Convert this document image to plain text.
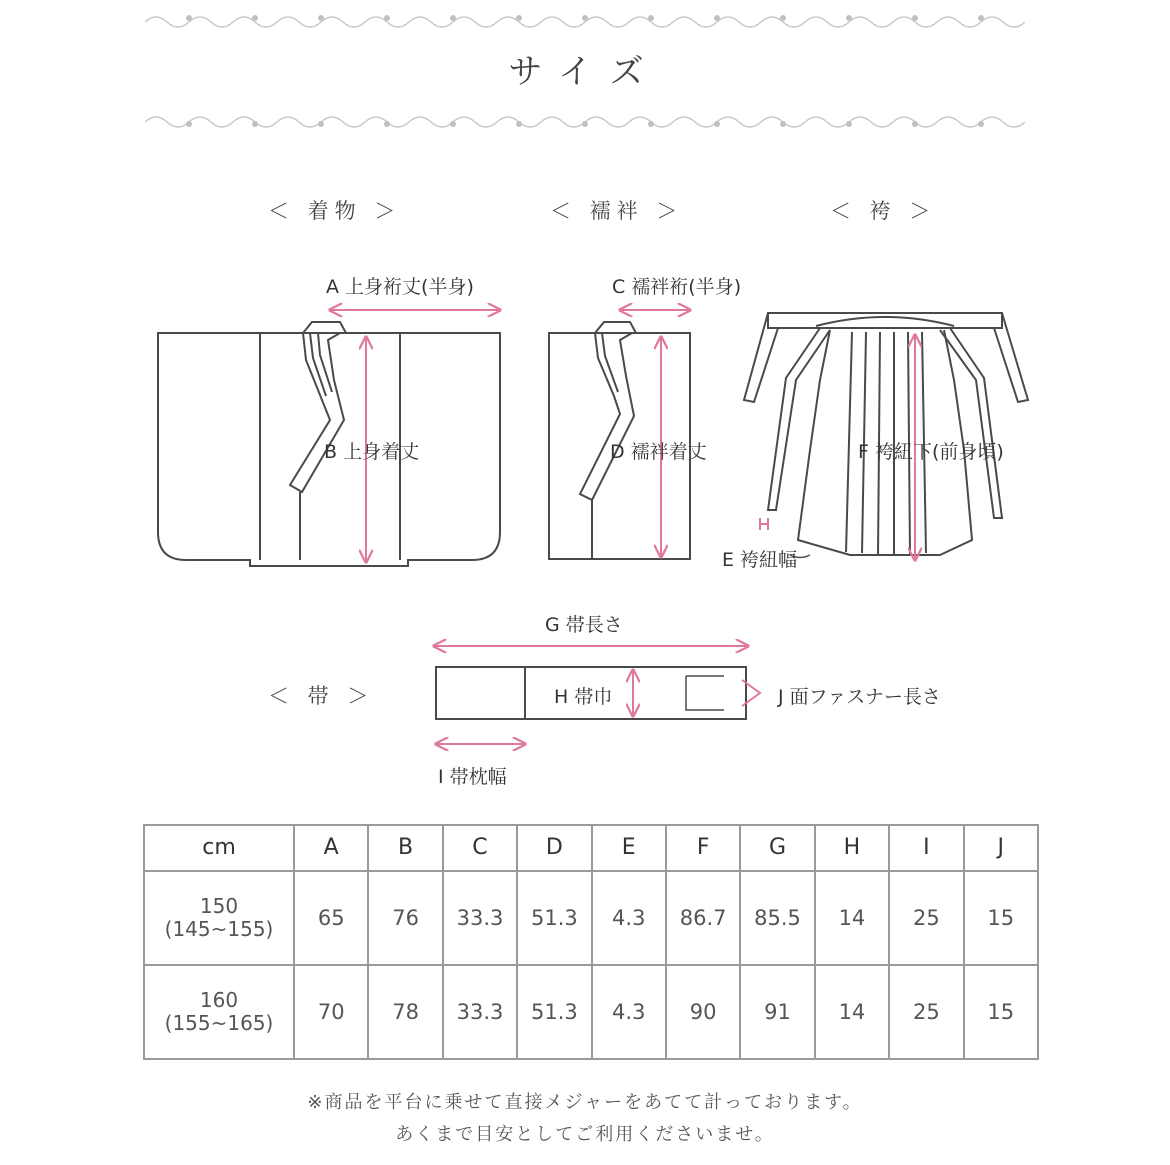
サイズ
＜ 着物 ＞	＜ 襦袢 ＞	＜ 袴 ＞
＜ 帯 ＞
A 上身裄丈(半身)
B 上身着丈
C 襦袢裄(半身)
D 襦袢着丈
E 袴紐幅
F 袴紐下(前身頃)
G 帯長さ
H 帯巾
I 帯枕幅
J 面ファスナー長さ
cm	A	B	C	D	E	F	G	H	I	J

150
(145~155)	65	76	33.3	51.3	4.3	86.7	85.5	14	25	15

160
(155~165)	70	78	33.3	51.3	4.3	90	91	14	25	15
※商品を平台に乗せて直接メジャーをあてて計っております。
あくまで目安としてご利用くださいませ。
